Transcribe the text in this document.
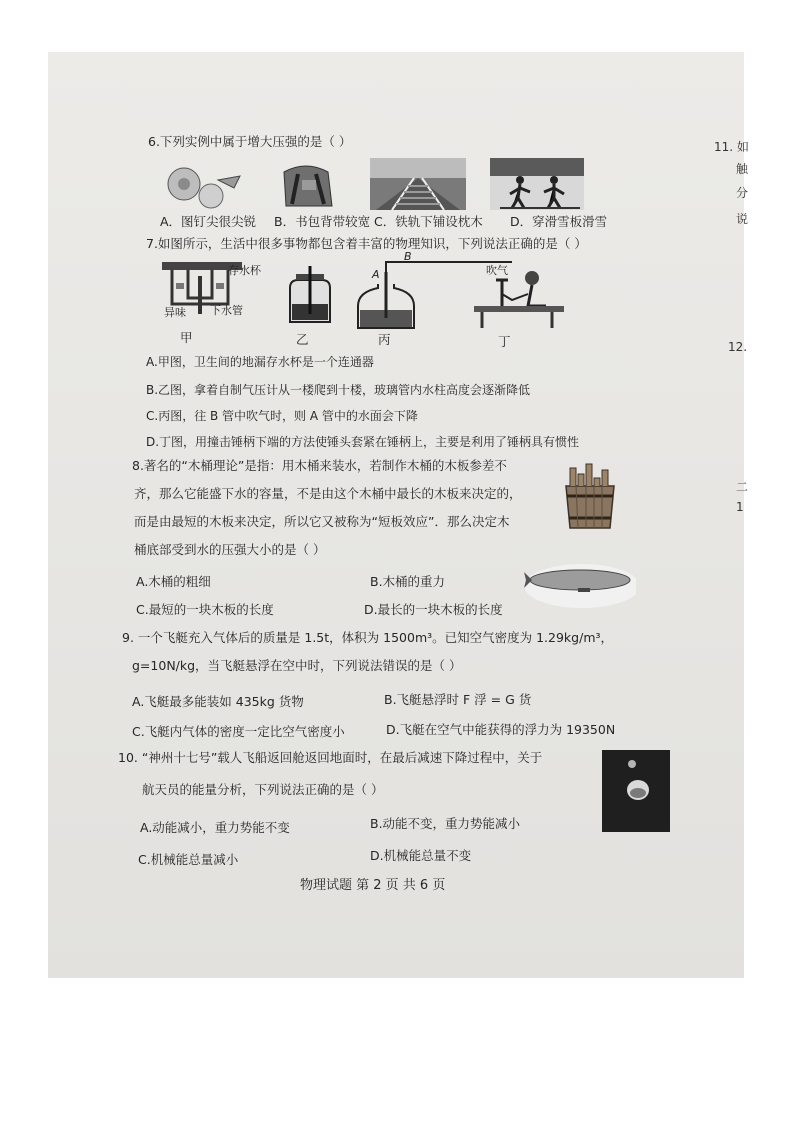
6.下列实例中属于增大压强的是（ ）
A．图钉尖很尖锐 B．书包背带较宽 C．铁轨下铺设枕木 D．穿滑雪板滑雪
7.如图所示，生活中很多事物都包含着丰富的物理知识，下列说法正确的是（ ）
存水杯
异味 下水管
B
A	吹气
甲	乙	丙	丁
A.甲图，卫生间的地漏存水杯是一个连通器
B.乙图，拿着自制气压计从一楼爬到十楼，玻璃管内水柱高度会逐渐降低
C.丙图，往 B 管中吹气时，则 A 管中的水面会下降
D.丁图，用撞击锤柄下端的方法使锤头套紧在锤柄上，主要是利用了锤柄具有惯性
8.著名的“木桶理论”是指：用木桶来装水，若制作木桶的木板参差不
齐，那么它能盛下水的容量，不是由这个木桶中最长的木板来决定的，
而是由最短的木板来决定，所以它又被称为“短板效应”．那么决定木
桶底部受到水的压强大小的是（ ）
A.木桶的粗细	B.木桶的重力
C.最短的一块木板的长度	D.最长的一块木板的长度
9. 一个飞艇充入气体后的质量是 1.5t，体积为 1500m³。已知空气密度为 1.29kg/m³，
g=10N/kg，当飞艇悬浮在空中时，下列说法错误的是（ ）
A.飞艇最多能装如 435kg 货物	B.飞艇悬浮时 F 浮 = G 货
C.飞艇内气体的密度一定比空气密度小	D.飞艇在空气中能获得的浮力为 19350N
10. “神州十七号”载人飞船返回舱返回地面时，在最后减速下降过程中，关于
航天员的能量分析，下列说法正确的是（ ）
A.动能减小，重力势能不变	B.动能不变，重力势能减小
C.机械能总量减小	D.机械能总量不变
物理试题 第 2 页 共 6 页
11. 如
触
分
说
12.
二
1
